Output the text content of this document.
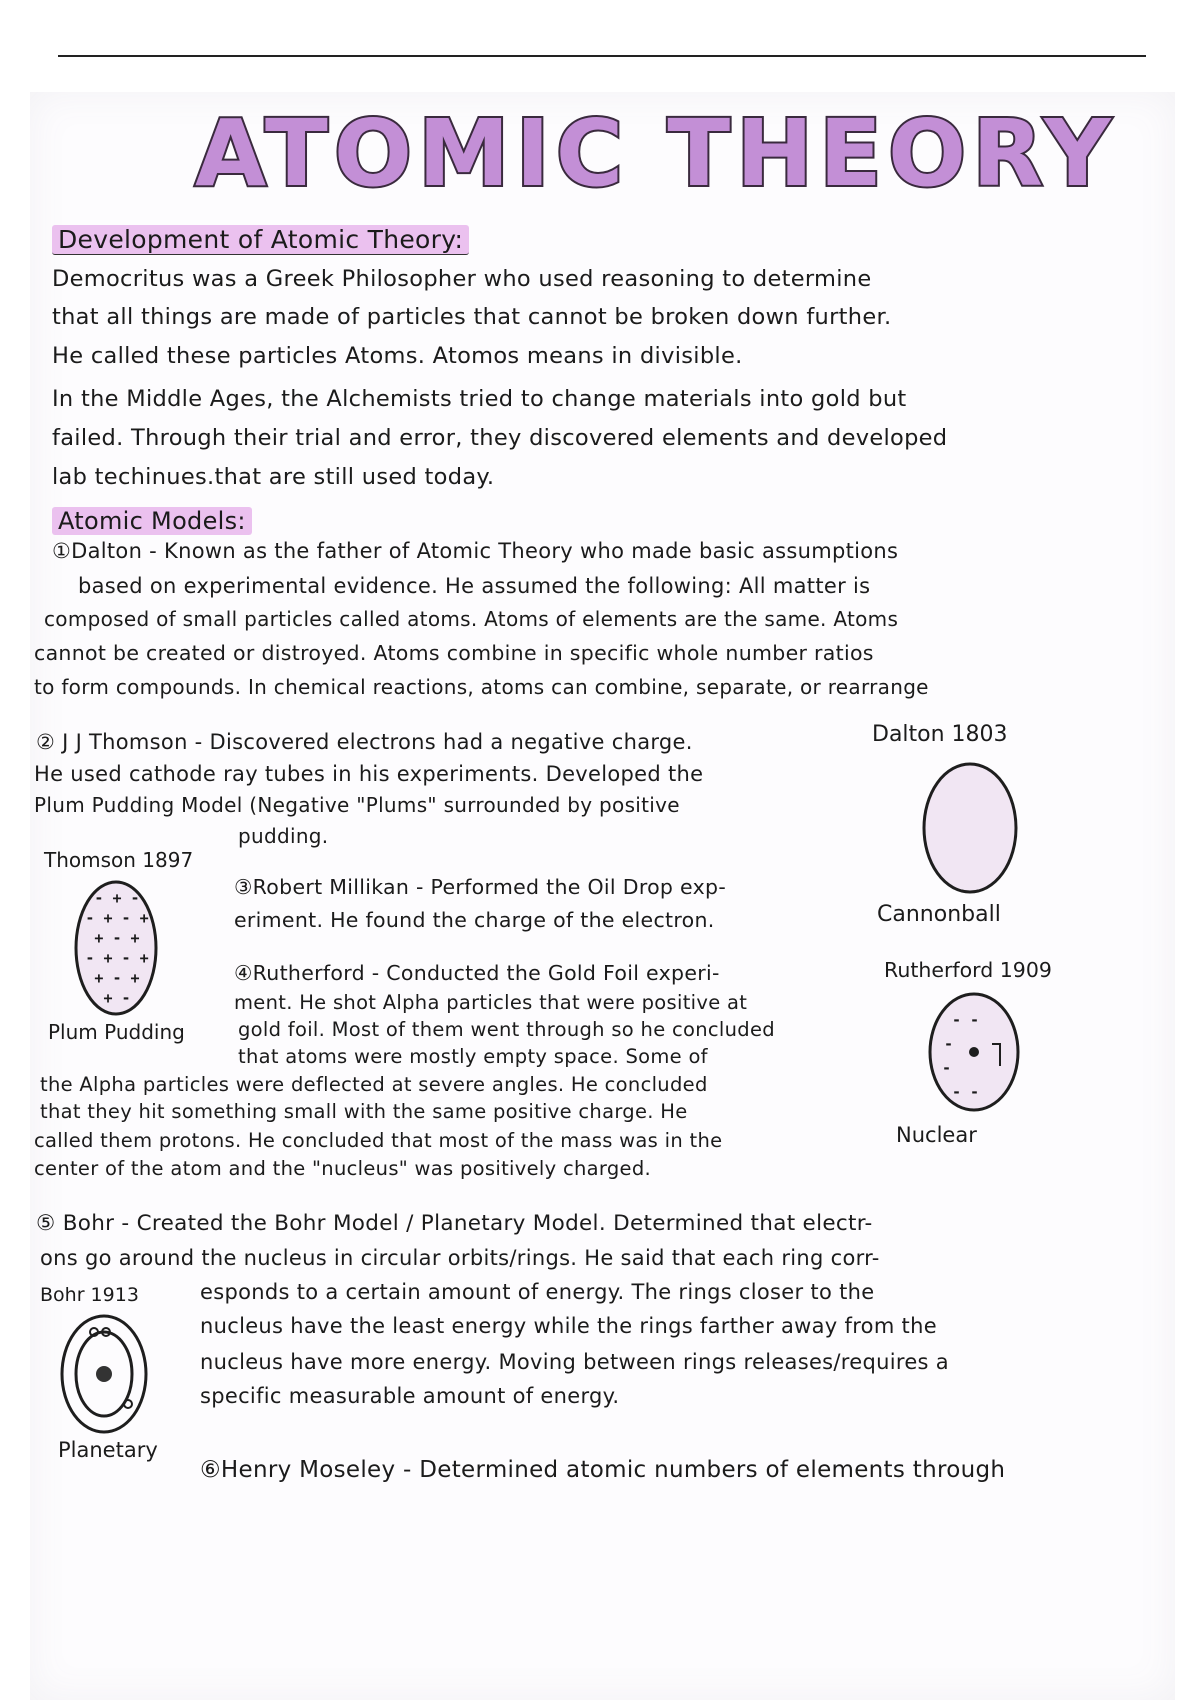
ATOMIC THEORY
Development of Atomic Theory:
Democritus was a Greek Philosopher who used reasoning to determine
that all things are made of particles that cannot be broken down further.
He called these particles Atoms. Atomos means in divisible.
In the Middle Ages, the Alchemists tried to change materials into gold but
failed. Through their trial and error, they discovered elements and developed
lab techinues.that are still used today.
Atomic Models:
①Dalton - Known as the father of Atomic Theory who made basic assumptions
based on experimental evidence. He assumed the following: All matter is
composed of small particles called atoms. Atoms of elements are the same. Atoms
cannot be created or distroyed. Atoms combine in specific whole number ratios
to form compounds. In chemical reactions, atoms can combine, separate, or rearrange
② J J Thomson - Discovered electrons had a negative charge.
He used cathode ray tubes in his experiments. Developed the
Plum Pudding Model (Negative "Plums" surrounded by positive
pudding.
③Robert Millikan - Performed the Oil Drop exp-
eriment. He found the charge of the electron.
④Rutherford - Conducted the Gold Foil experi-
ment. He shot Alpha particles that were positive at
gold foil. Most of them went through so he concluded
that atoms were mostly empty space. Some of
the Alpha particles were deflected at severe angles. He concluded
that they hit something small with the same positive charge. He
called them protons. He concluded that most of the mass was in the
center of the atom and the "nucleus" was positively charged.
⑤ Bohr - Created the Bohr Model / Planetary Model. Determined that electr-
ons go around the nucleus in circular orbits/rings. He said that each ring corr-
esponds to a certain amount of energy. The rings closer to the
nucleus have the least energy while the rings farther away from the
nucleus have more energy. Moving between rings releases/requires a
specific measurable amount of energy.
⑥Henry Moseley - Determined atomic numbers of elements through
Dalton 1803
Cannonball
Thomson 1897
- + -
- + - +
+ - +
- + - +
+ - +
+ -
Plum Pudding
Rutherford 1909
- -
-
-
- -
Nuclear
Bohr 1913
Planetary
